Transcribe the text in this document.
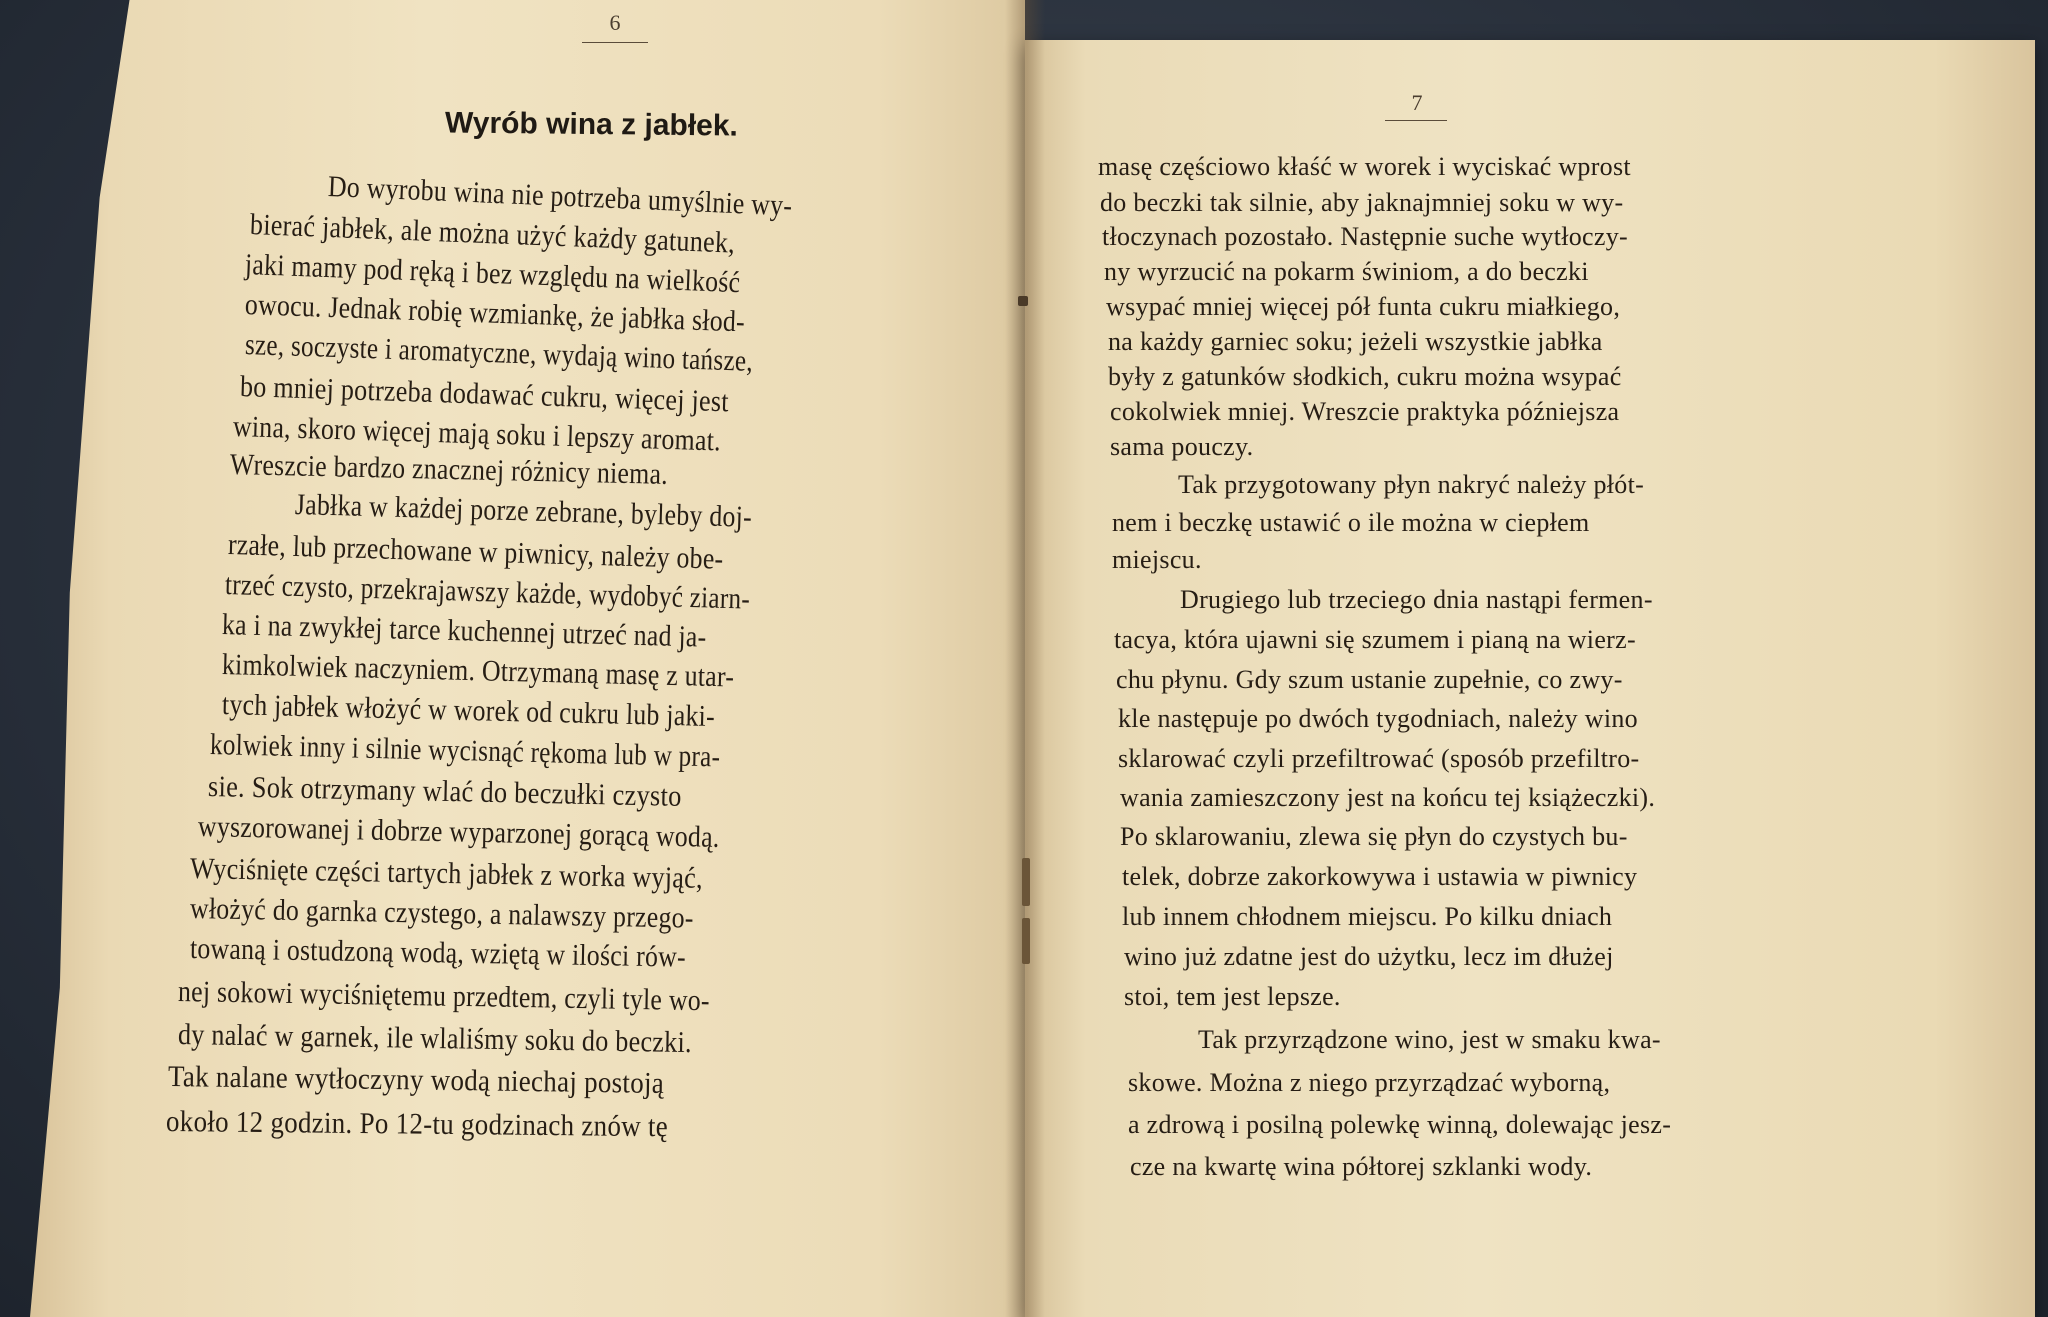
6
Wyrób wina z jabłek.
Do wyrobu wina nie potrzeba umyślnie wy-
bierać jabłek, ale można użyć każdy gatunek,
jaki mamy pod ręką i bez względu na wielkość
owocu. Jednak robię wzmiankę, że jabłka słod-
sze, soczyste i aromatyczne, wydają wino tańsze,
bo mniej potrzeba dodawać cukru, więcej jest
wina, skoro więcej mają soku i lepszy aromat.
Wreszcie bardzo znacznej różnicy niema.
Jabłka w każdej porze zebrane, byleby doj-
rzałe, lub przechowane w piwnicy, należy obe-
trzeć czysto, przekrajawszy każde, wydobyć ziarn-
ka i na zwykłej tarce kuchennej utrzeć nad ja-
kimkolwiek naczyniem. Otrzymaną masę z utar-
tych jabłek włożyć w worek od cukru lub jaki-
kolwiek inny i silnie wycisnąć rękoma lub w pra-
sie. Sok otrzymany wlać do beczułki czysto
wyszorowanej i dobrze wyparzonej gorącą wodą.
Wyciśnięte części tartych jabłek z worka wyjąć,
włożyć do garnka czystego, a nalawszy przego-
towaną i ostudzoną wodą, wziętą w ilości rów-
nej sokowi wyciśniętemu przedtem, czyli tyle wo-
dy nalać w garnek, ile wlaliśmy soku do beczki.
Tak nalane wytłoczyny wodą niechaj postoją
około 12 godzin. Po 12-tu godzinach znów tę
7
masę częściowo kłaść w worek i wyciskać wprost
do beczki tak silnie, aby jaknajmniej soku w wy-
tłoczynach pozostało. Następnie suche wytłoczy-
ny wyrzucić na pokarm świniom, a do beczki
wsypać mniej więcej pół funta cukru miałkiego,
na każdy garniec soku; jeżeli wszystkie jabłka
były z gatunków słodkich, cukru można wsypać
cokolwiek mniej. Wreszcie praktyka późniejsza
sama pouczy.
Tak przygotowany płyn nakryć należy płót-
nem i beczkę ustawić o ile można w ciepłem
miejscu.
Drugiego lub trzeciego dnia nastąpi fermen-
tacya, która ujawni się szumem i pianą na wierz-
chu płynu. Gdy szum ustanie zupełnie, co zwy-
kle następuje po dwóch tygodniach, należy wino
sklarować czyli przefiltrować (sposób przefiltro-
wania zamieszczony jest na końcu tej książeczki).
Po sklarowaniu, zlewa się płyn do czystych bu-
telek, dobrze zakorkowywa i ustawia w piwnicy
lub innem chłodnem miejscu. Po kilku dniach
wino już zdatne jest do użytku, lecz im dłużej
stoi, tem jest lepsze.
Tak przyrządzone wino, jest w smaku kwa-
skowe. Można z niego przyrządzać wyborną,
a zdrową i posilną polewkę winną, dolewając jesz-
cze na kwartę wina półtorej szklanki wody.
